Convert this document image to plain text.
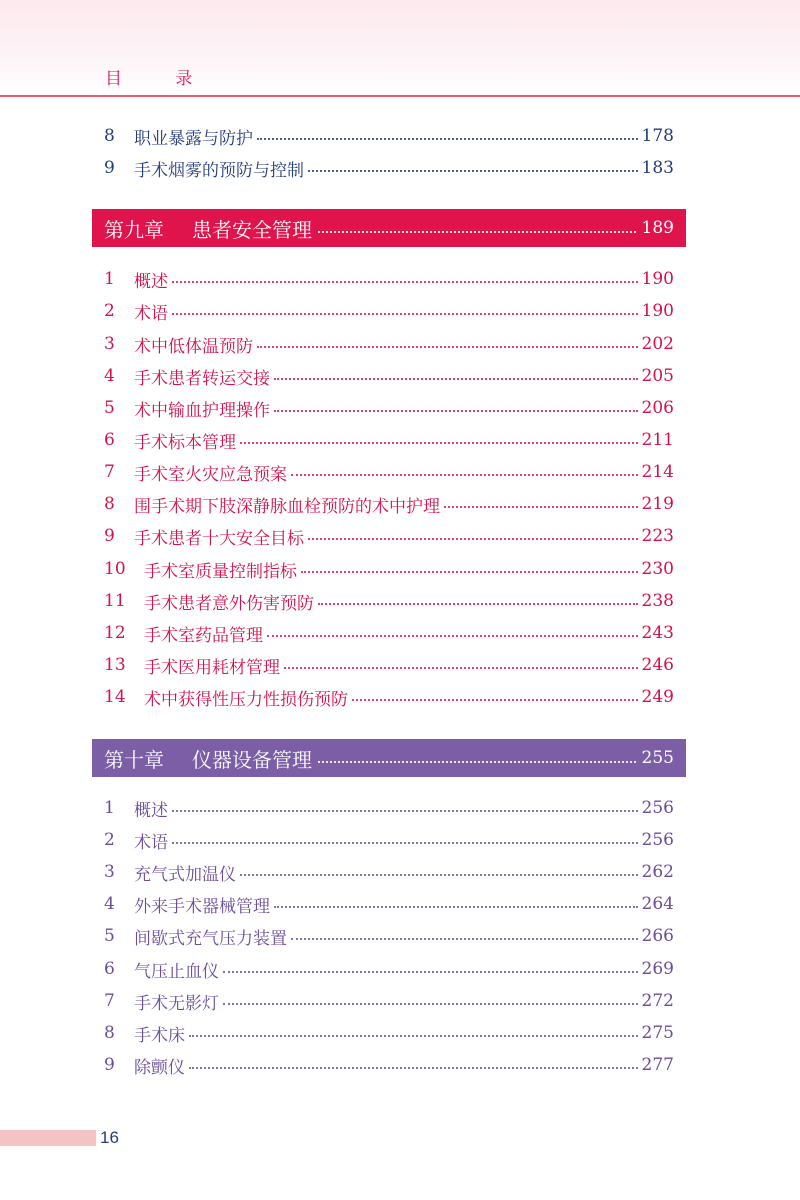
目 录
8	职业暴露与防护	178
9	手术烟雾的预防与控制	183
第九章 患者安全管理	189
1	概述	190
2	术语	190
3	术中低体温预防	202
4	手术患者转运交接	205
5	术中输血护理操作	206
6	手术标本管理	211
7	手术室火灾应急预案	214
8	围手术期下肢深静脉血栓预防的术中护理	219
9	手术患者十大安全目标	223
10	手术室质量控制指标	230
11	手术患者意外伤害预防	238
12	手术室药品管理	243
13	手术医用耗材管理	246
14	术中获得性压力性损伤预防	249
第十章 仪器设备管理	255
1	概述	256
2	术语	256
3	充气式加温仪	262
4	外来手术器械管理	264
5	间歇式充气压力装置	266
6	气压止血仪	269
7	手术无影灯	272
8	手术床	275
9	除颤仪	277
16
